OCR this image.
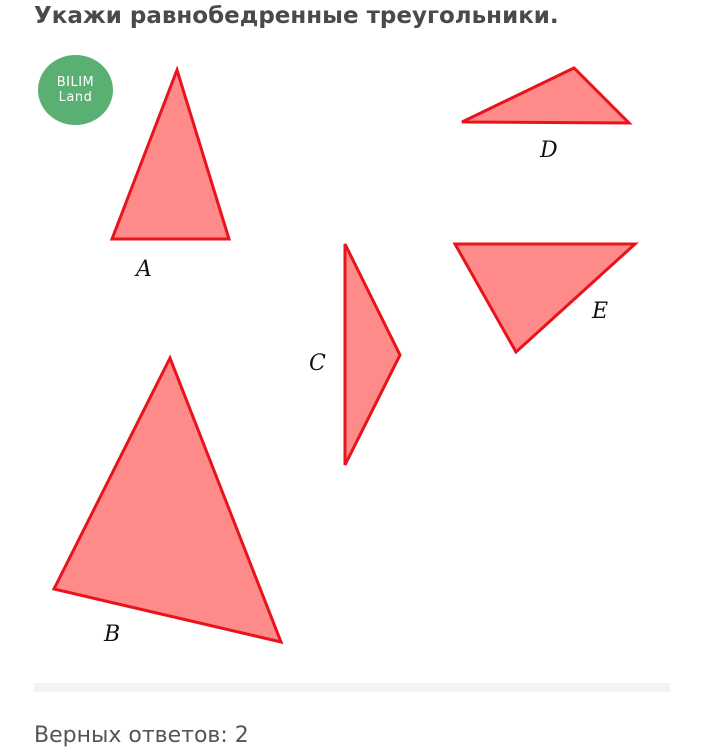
Укажи равнобедренные треугольники.
A
B
C
D
E
BILIM
Land
Верных ответов: 2
